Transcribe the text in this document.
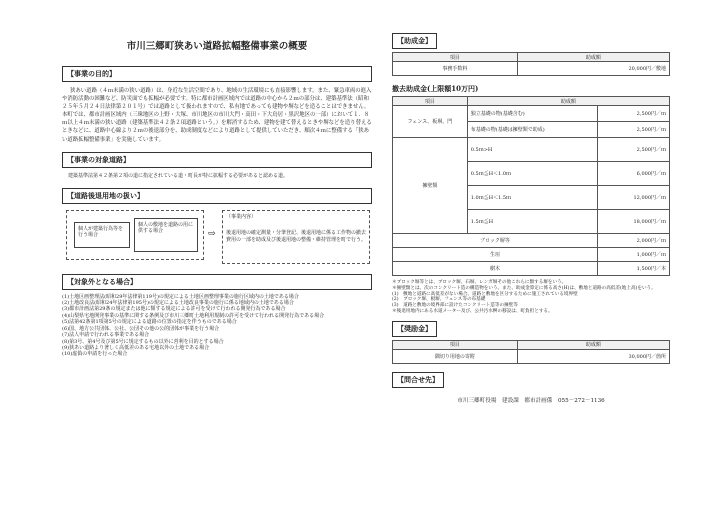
市川三郷町狭あい道路拡幅整備事業の概要
【事業の目的】
狭あい道路（４ｍ未満の狭い道路）は、身近な生活空間であり、地域の生活環境にも直接影響します。また、緊急車両の進入や消防活動の困難など、防災面でも拡幅が必要です。特に都市計画区域内では道路の中心から２ｍの部分は、建築基準法（昭和２５年５月２４日法律第２０１号）では道路として扱われますので、私有地であっても建物や塀などを造ることはできません。本町では、都市計画区域内（三珠地区の上野・大塚、市川地区の市川大門・高田・下大鳥居・黒沢地区の一部）において１．８ｍ以上４ｍ未満の狭い道路（建築基準法４２条２項道路という。）を解消するため、建物を建て替えるときや塀などを造り替えるときなどに、道路中心線より２ｍの後退部分を、助成制度などにより道路として提供していただき、順次４ｍに整備する「狭あい道路拡幅整備事業」を実施しています。
【事業の対象道路】
建築基準法第４２条第２項の道に指定されている道・町長が特に拡幅する必要があると認める道。
【道路後退用地の扱い】
個人が建築行為等を行う場合
個人の敷地を道路の用に供する場合	⇨
（事業内容）
後退用地の確定測量・分筆登記、後退用地に係る工作物の撤去費用の一部を助成及び後退用地の整備・維持管理を町で行う。
【対象外となる場合】
(1)土地区画整理法(昭和29年法律第119号)の規定による土地区画整理事業の施行区域内の土地である場合
(2)土地改良法(昭和24年法律第195号)の規定による土地改良事業の施行に係る地域内の土地である場合
(3)都市計画法第29条の規定または他に類する規定による許可を受けて行われる開発行為である場合
(4)山梨県宅地開発事業の基準に関する条例及び市川三郷町土地利用規制の許可を受けて行われる開発行為である場合
(5)法第42条第1項第5号の規定による道路の位置の指定を伴うものである場合
(6)国、地方公共団体、公社、公団その他の公的団体が事業を行う場合
(7)法人申請で行われる事業である場合
(8)第3号、第4号及び第5号に規定するもの以外に営利を目的とする場合
(9)狭あい道路より著しく高低差のある宅地以外の土地である場合
(10)虚偽の申請を行った場合
【助成金】
項目	助成額
事務手数料	20,000円／敷地
撤去助成金(上限額10万円)
項目	助成額	
フェンス、板塀、門	独立基礎の物(基礎含む)	2,500円／ｍ
	布基礎の物(基礎は擁壁類で助成)	2,500円／ｍ
擁壁類	0.5ｍ>H	2,500円／ｍ
	0.5ｍ≦H＜1.0ｍ	6,000円／ｍ
	1.0ｍ≦H＜1.5ｍ	12,000円／ｍ
	1.5ｍ≦H	18,000円／ｍ
ブロック塀等		2,000円／ｍ
生垣		1,000円／ｍ
樹木		1,500円／本
＊ブロック塀等とは、ブロック塀、石塀、レンガ塀その他これらに類する塀をいう。
＊擁壁類とは、次のコンクリート造の構造物をいう。また、助成金算定に係る高さ(H)は、敷地と道路の高低差(地上高)をいう。
(1)　敷地と道路に高低差がない場合、道路と敷地を区分するために施工されている境界壁
(2)　ブロック塀、板塀、フェンス等の布基礎
(3)　道路と敷地の境界部に設けたコンクリート造等の擁壁等
＊後退用地内にある水道メーター及び、公共汚水桝の移設は、町負担とする。
【奨励金】
項目	助成額
隅切り用地の寄附	30,000円／箇所
【問合せ先】
市川三郷町役場　建設課　都市計画係　055－272－1136
